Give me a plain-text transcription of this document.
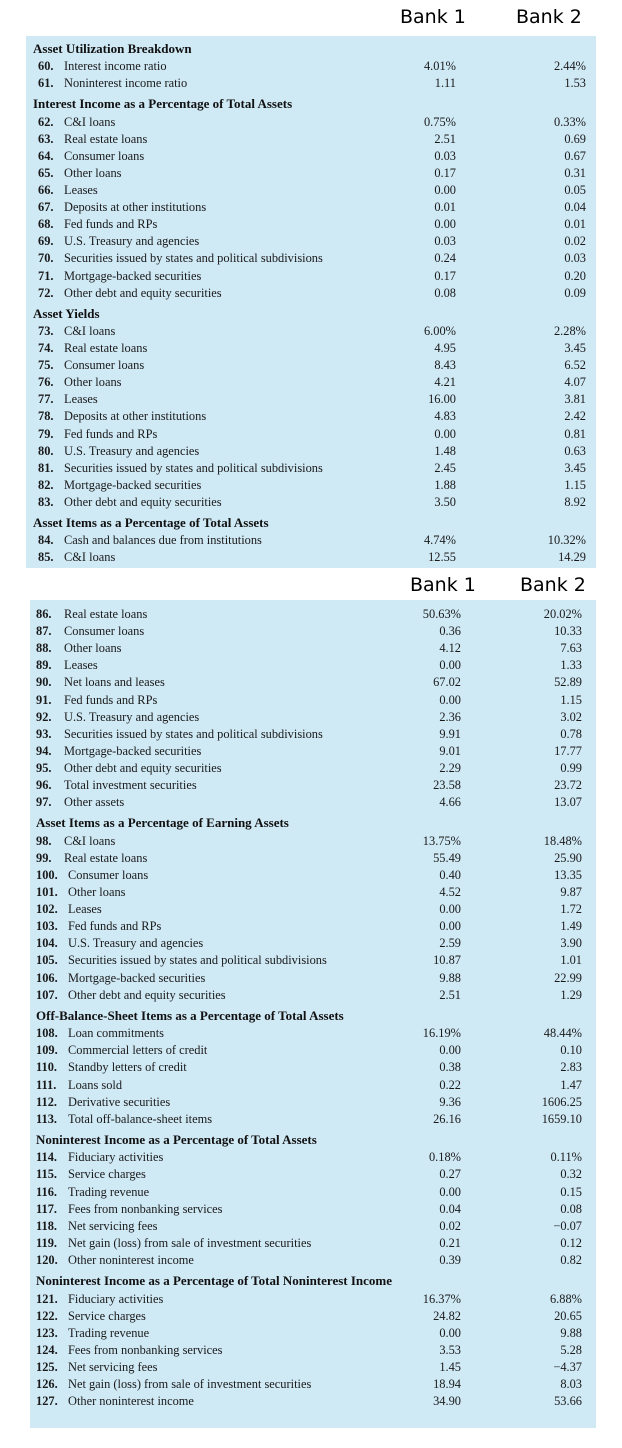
Bank 1	Bank 2
Asset Utilization Breakdown
60. Interest income ratio	4.01%	2.44%
61. Noninterest income ratio	1.11	1.53
Interest Income as a Percentage of Total Assets
62. C&I loans	0.75%	0.33%
63. Real estate loans	2.51	0.69
64. Consumer loans	0.03	0.67
65. Other loans	0.17	0.31
66. Leases	0.00	0.05
67. Deposits at other institutions	0.01	0.04
68. Fed funds and RPs	0.00	0.01
69. U.S. Treasury and agencies	0.03	0.02
70. Securities issued by states and political subdivisions	0.24	0.03
71. Mortgage-backed securities	0.17	0.20
72. Other debt and equity securities	0.08	0.09
Asset Yields
73. C&I loans	6.00%	2.28%
74. Real estate loans	4.95	3.45
75. Consumer loans	8.43	6.52
76. Other loans	4.21	4.07
77. Leases	16.00	3.81
78. Deposits at other institutions	4.83	2.42
79. Fed funds and RPs	0.00	0.81
80. U.S. Treasury and agencies	1.48	0.63
81. Securities issued by states and political subdivisions	2.45	3.45
82. Mortgage-backed securities	1.88	1.15
83. Other debt and equity securities	3.50	8.92
Asset Items as a Percentage of Total Assets
84. Cash and balances due from institutions	4.74%	10.32%
85. C&I loans	12.55	14.29
Bank 1 Bank 2
86. Real estate loans	50.63%	20.02%
87. Consumer loans	0.36	10.33
88. Other loans	4.12	7.63
89. Leases	0.00	1.33
90. Net loans and leases	67.02	52.89
91. Fed funds and RPs	0.00	1.15
92. U.S. Treasury and agencies	2.36	3.02
93. Securities issued by states and political subdivisions	9.91	0.78
94. Mortgage-backed securities	9.01	17.77
95. Other debt and equity securities	2.29	0.99
96. Total investment securities	23.58	23.72
97. Other assets	4.66	13.07
Asset Items as a Percentage of Earning Assets
98. C&I loans	13.75%	18.48%
99. Real estate loans	55.49	25.90
100. Consumer loans	0.40	13.35
101. Other loans	4.52	9.87
102. Leases	0.00	1.72
103. Fed funds and RPs	0.00	1.49
104. U.S. Treasury and agencies	2.59	3.90
105. Securities issued by states and political subdivisions	10.87	1.01
106. Mortgage-backed securities	9.88	22.99
107. Other debt and equity securities	2.51	1.29
Off-Balance-Sheet Items as a Percentage of Total Assets
108. Loan commitments	16.19%	48.44%
109. Commercial letters of credit	0.00	0.10
110. Standby letters of credit	0.38	2.83
111. Loans sold	0.22	1.47
112. Derivative securities	9.36	1606.25
113. Total off-balance-sheet items	26.16	1659.10
Noninterest Income as a Percentage of Total Assets
114. Fiduciary activities	0.18%	0.11%
115. Service charges	0.27	0.32
116. Trading revenue	0.00	0.15
117. Fees from nonbanking services	0.04	0.08
118. Net servicing fees	0.02	−0.07
119. Net gain (loss) from sale of investment securities	0.21	0.12
120. Other noninterest income	0.39	0.82
Noninterest Income as a Percentage of Total Noninterest Income
121. Fiduciary activities	16.37%	6.88%
122. Service charges	24.82	20.65
123. Trading revenue	0.00	9.88
124. Fees from nonbanking services	3.53	5.28
125. Net servicing fees	1.45	−4.37
126. Net gain (loss) from sale of investment securities	18.94	8.03
127. Other noninterest income	34.90	53.66
